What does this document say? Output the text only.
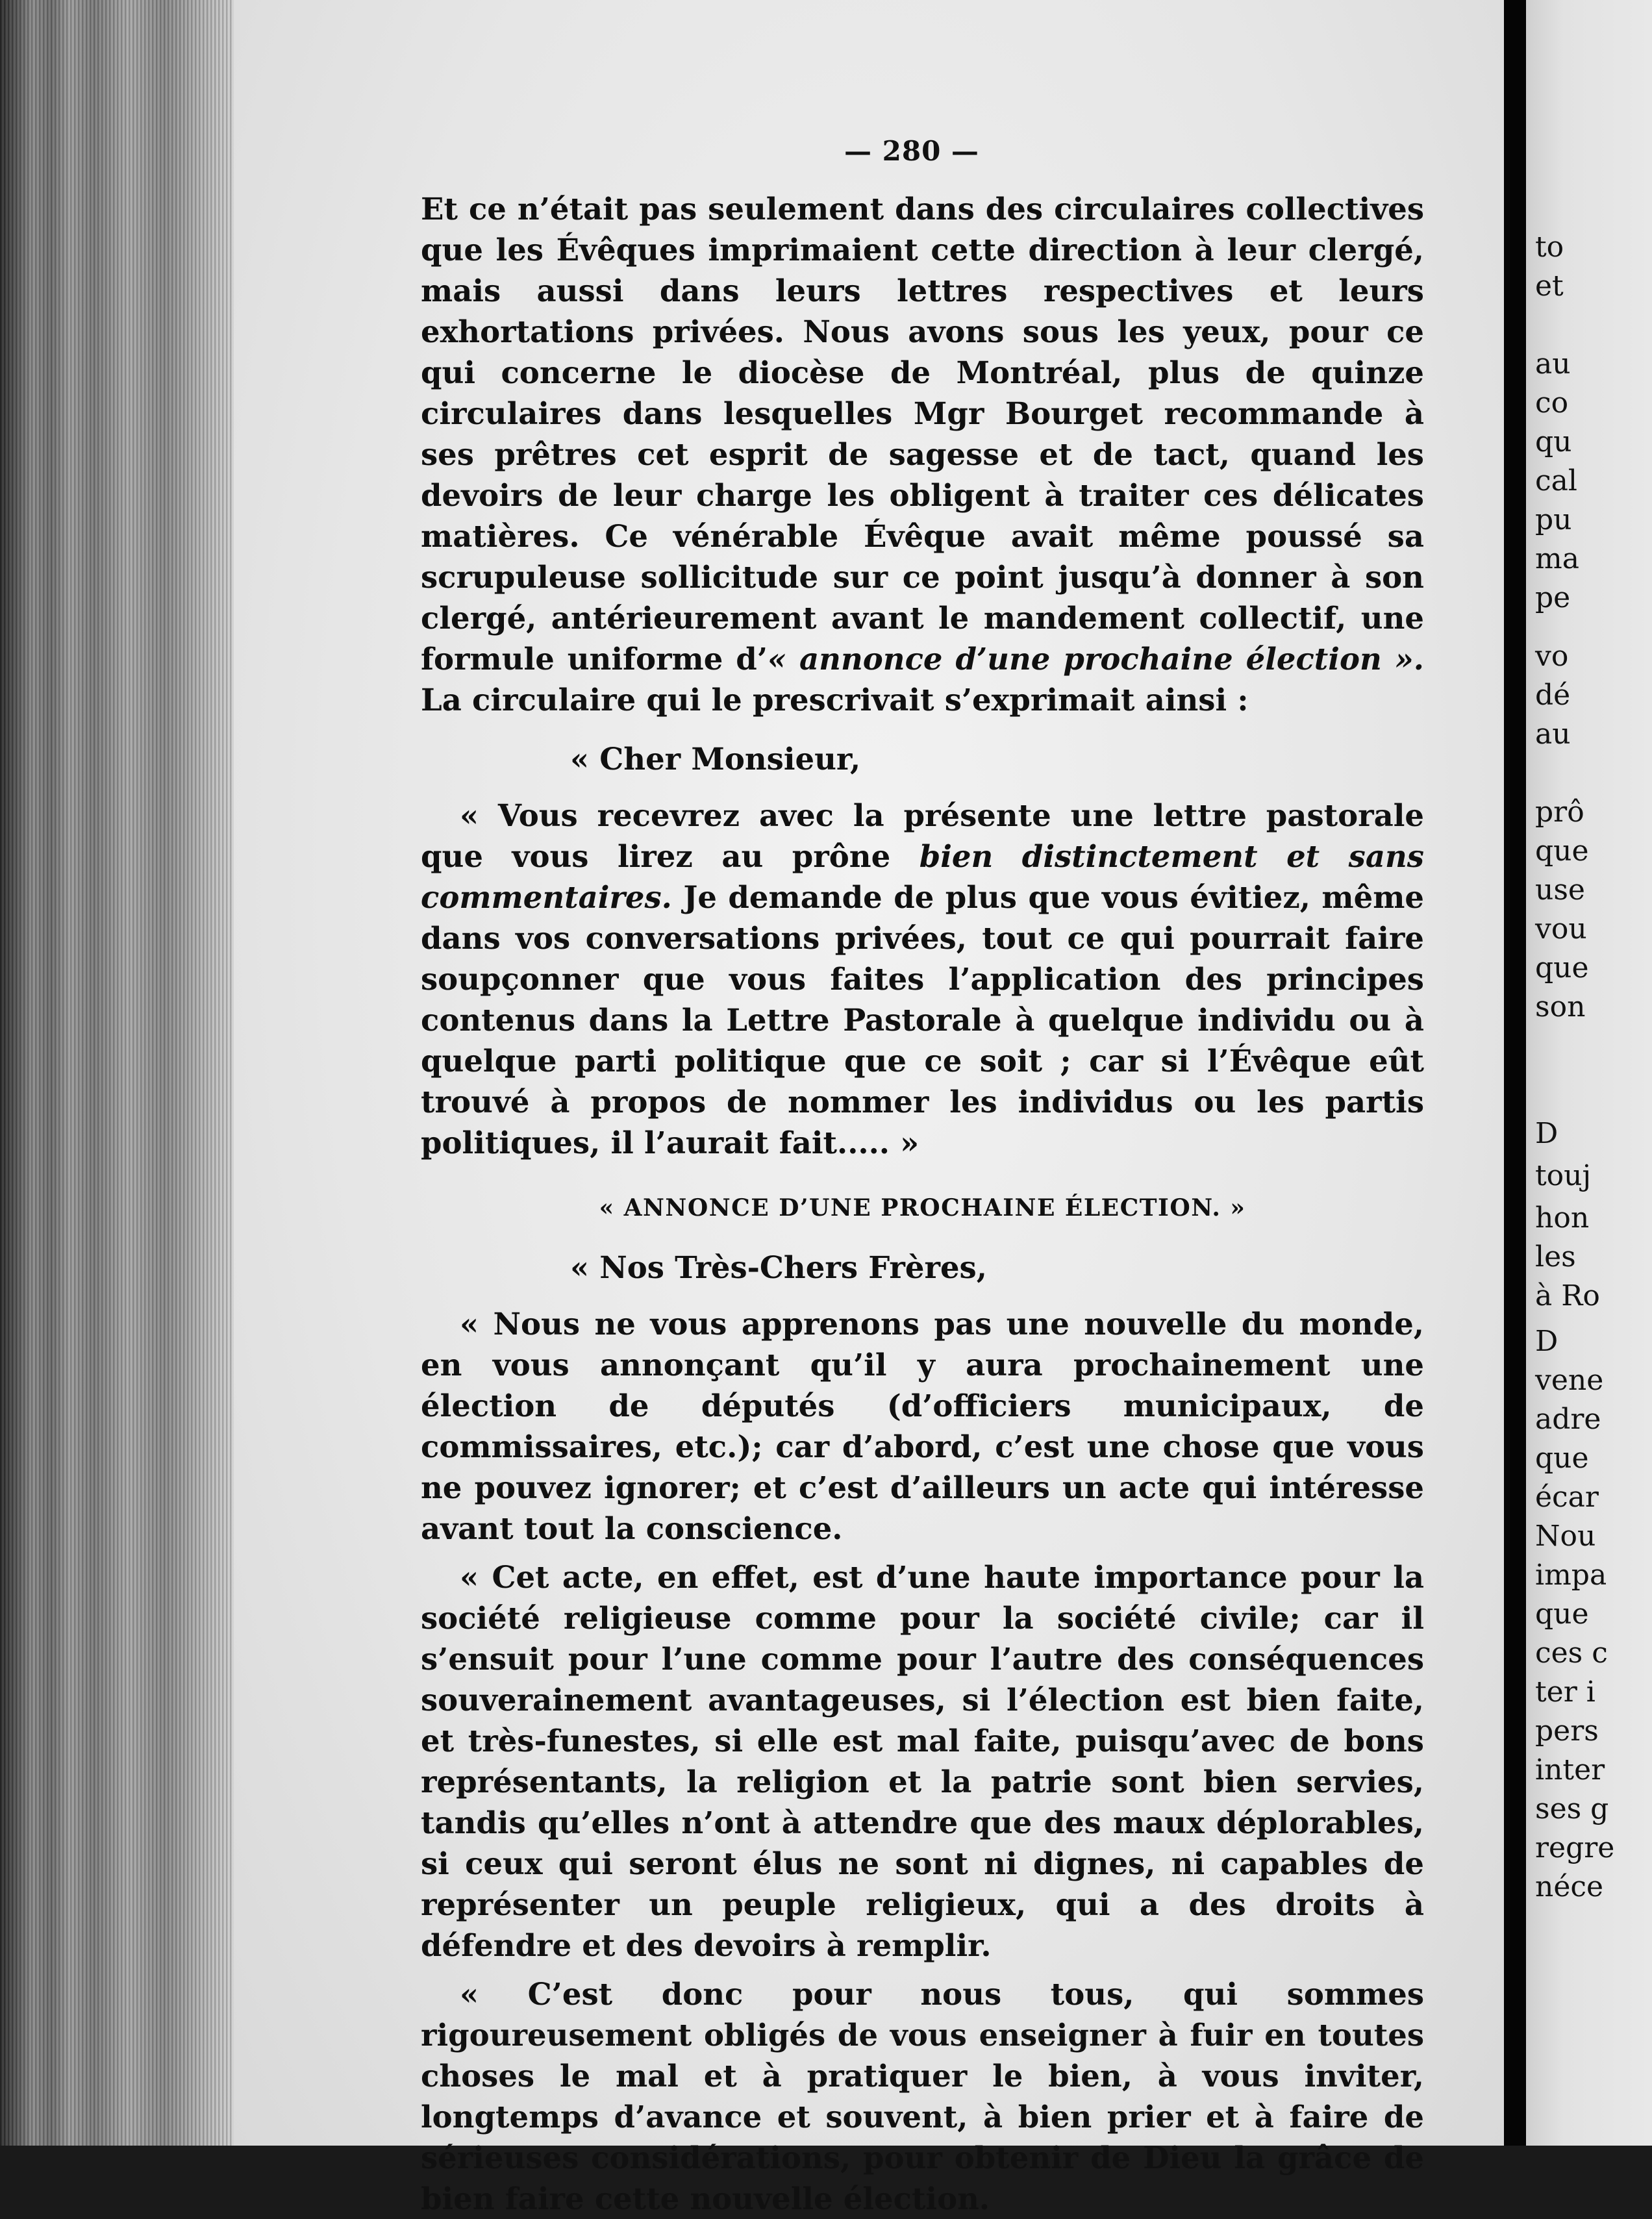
— 280 —

Et ce n’était pas seulement dans des circulaires collectives que les Évêques imprimaient cette direction à leur clergé, mais aussi dans leurs lettres respectives et leurs exhortations privées. Nous avons sous les yeux, pour ce qui concerne le diocèse de Montréal, plus de quinze circulaires dans lesquelles Mgr Bourget recommande à ses prêtres cet esprit de sagesse et de tact, quand les devoirs de leur charge les obligent à traiter ces délicates matières. Ce vénérable Évêque avait même poussé sa scrupuleuse sollicitude sur ce point jusqu’à donner à son clergé, antérieurement avant le mandement collectif, une formule uniforme d’« annonce d’une prochaine élection ». La circulaire qui le prescrivait s’exprimait ainsi :

« Cher Monsieur,

« Vous recevrez avec la présente une lettre pastorale que vous lirez au prône bien distinctement et sans commentaires. Je demande de plus que vous évitiez, même dans vos conversations privées, tout ce qui pourrait faire soupçonner que vous faites l’application des principes contenus dans la Lettre Pastorale à quelque individu ou à quelque parti politique que ce soit ; car si l’Évêque eût trouvé à propos de nommer les individus ou les partis politiques, il l’aurait fait..... »

« ANNONCE D’UNE PROCHAINE ÉLECTION. »

« Nos Très-Chers Frères,

« Nous ne vous apprenons pas une nouvelle du monde, en vous annonçant qu’il y aura prochainement une élection de députés (d’officiers municipaux, de commissaires, etc.); car d’abord, c’est une chose que vous ne pouvez ignorer; et c’est d’ailleurs un acte qui intéresse avant tout la conscience.

« Cet acte, en effet, est d’une haute importance pour la société religieuse comme pour la société civile; car il s’ensuit pour l’une comme pour l’autre des conséquences souverainement avantageuses, si l’élection est bien faite, et très-funestes, si elle est mal faite, puisqu’avec de bons représentants, la religion et la patrie sont bien servies, tandis qu’elles n’ont à attendre que des maux déplorables, si ceux qui seront élus ne sont ni dignes, ni capables de représenter un peuple religieux, qui a des droits à défendre et des devoirs à remplir.

« C’est donc pour nous tous, qui sommes rigoureusement obligés de vous enseigner à fuir en toutes choses le mal et à pratiquer le bien, à vous inviter, longtemps d’avance et souvent, à bien prier et à faire de sérieuses considérations, pour obtenir de Dieu la grâce de bien faire cette nouvelle élection.

to
et
au
co
qu
cal
pu
ma
pe
vo
dé
au
prô
que
use
vou
que
son
D
touj
hon
les
à Ro
D
vene
adre
que
écar
Nou
impa
que
ces c
ter i
pers
inter
ses g
regre
néce
